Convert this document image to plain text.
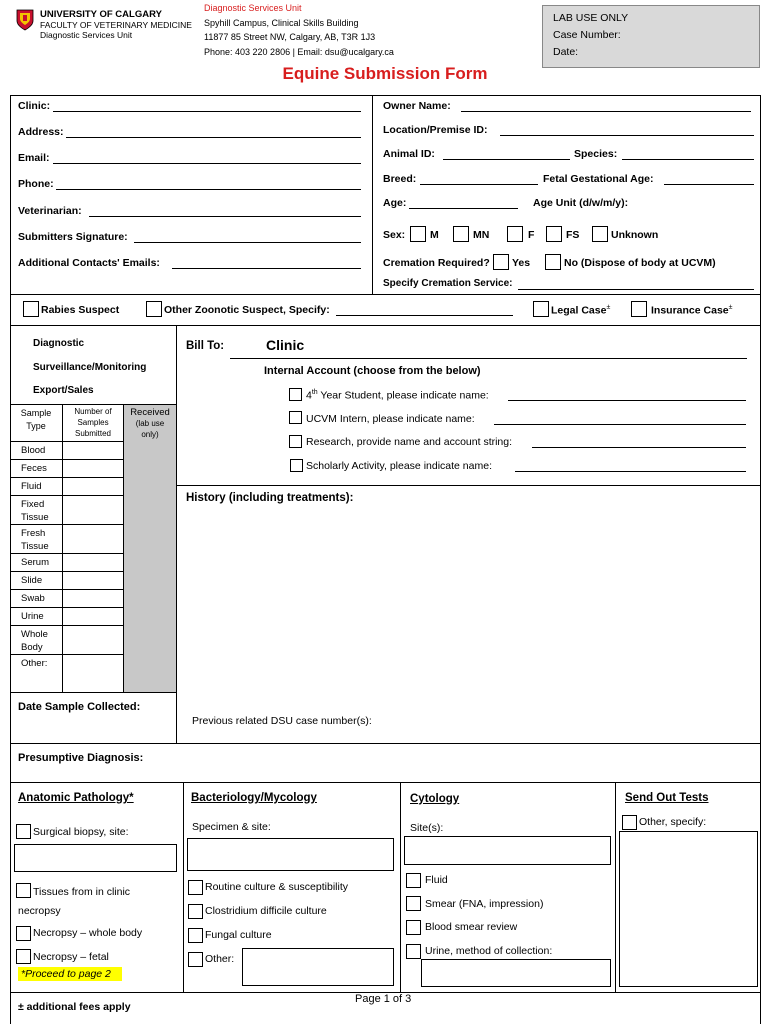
UNIVERSITY OF CALGARY
FACULTY OF VETERINARY MEDICINE
Diagnostic Services Unit
Diagnostic Services Unit
Spyhill Campus, Clinical Skills Building
11877 85 Street NW, Calgary, AB, T3R 1J3
Phone: 403 220 2806 | Email: dsu@ucalgary.ca
LAB USE ONLY
Case Number:
Date:
Equine Submission Form
Clinic:
Address:
Email:
Phone:
Veterinarian:
Submitters Signature:
Additional Contacts' Emails:
Owner Name:
Location/Premise ID:
Animal ID:	Species:
Breed:	Fetal Gestational Age:
Age:	Age Unit (d/w/m/y):
Sex: M	MN	F	FS	Unknown
Cremation Required? Yes	No (Dispose of body at UCVM)
Specify Cremation Service:
Rabies Suspect	Other Zoonotic Suspect, Specify:	Legal Case±	Insurance Case±
Diagnostic
Surveillance/Monitoring
Export/Sales
Sample Type
Number of Samples Submitted
Received
(lab use only)
Blood
Feces
Fluid
Fixed Tissue
Fresh Tissue
Serum
Slide
Swab
Urine
Whole Body
Other:
Bill To:	Clinic
Internal Account (choose from the below)
4th Year Student, please indicate name:
UCVM Intern, please indicate name:
Research, provide name and account string:
Scholarly Activity, please indicate name:
History (including treatments):
Date Sample Collected:
Previous related DSU case number(s):
Presumptive Diagnosis:
Anatomic Pathology*
Surgical biopsy, site:
Tissues from in clinic
necropsy
Necropsy – whole body
Necropsy – fetal
*Proceed to page 2
Bacteriology/Mycology
Specimen & site:
Routine culture & susceptibility
Clostridium difficile culture
Fungal culture
Other:
Cytology
Site(s):
Fluid
Smear (FNA, impression)
Blood smear review
Urine, method of collection:
Send Out Tests
Other, specify:
± additional fees apply
Page 1 of 3
